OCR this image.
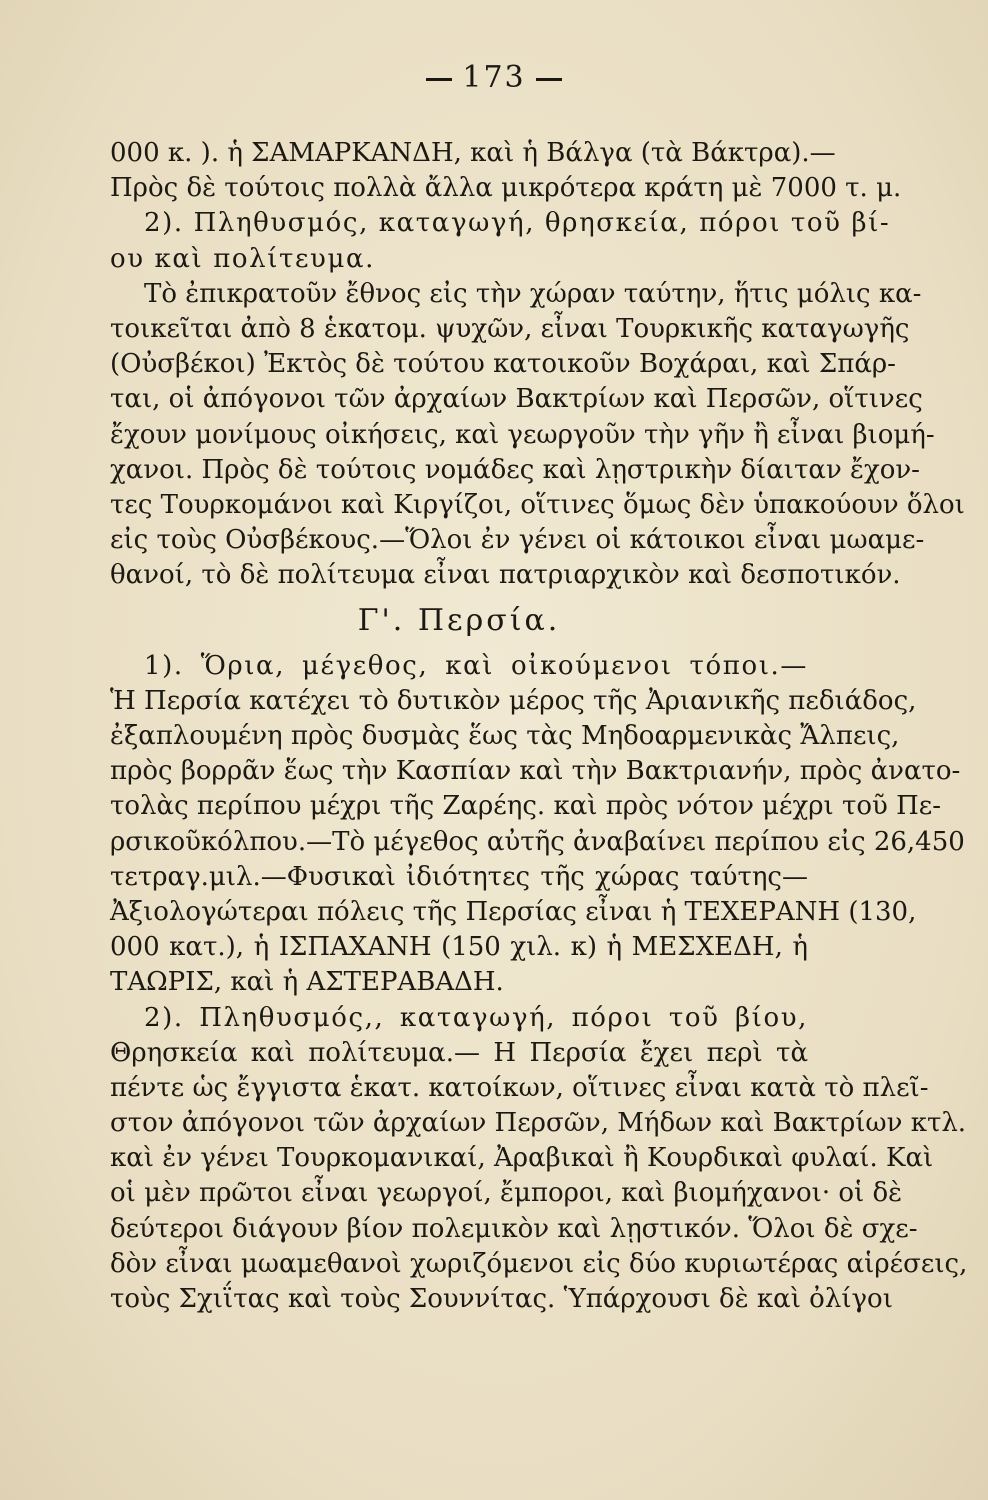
173
000 κ. ). ἡ ΣΑΜΑΡΚΑΝΔΗ, καὶ ἡ Βάλγα (τὰ Βάκτρα).—
Πρὸς δὲ τούτοις πολλὰ ἄλλα μικρότερα κράτη μὲ 7000 τ. μ.
2). Πληθυσμός, καταγωγή, θρησκεία, πόροι τοῦ βί-
ου καὶ πολίτευμα.
Τὸ ἐπικρατοῦν ἔθνος εἰς τὴν χώραν ταύτην, ἥτις μόλις κα-
τοικεῖται ἀπὸ 8 ἑκατομ. ψυχῶν, εἶναι Τουρκικῆς καταγωγῆς
(Οὐσβέκοι) Ἐκτὸς δὲ τούτου κατοικοῦν Βοχάραι, καὶ Σπάρ-
ται, οἱ ἀπόγονοι τῶν ἀρχαίων Βακτρίων καὶ Περσῶν, οἵτινες
ἔχουν μονίμους οἰκήσεις, καὶ γεωργοῦν τὴν γῆν ἢ εἶναι βιομή-
χανοι. Πρὸς δὲ τούτοις νομάδες καὶ λῃστρικὴν δίαιταν ἔχον-
τες Τουρκομάνοι καὶ Κιργίζοι, οἵτινες ὅμως δὲν ὑπακούουν ὅλοι
εἰς τοὺς Οὐσβέκους.—Ὅλοι ἐν γένει οἱ κάτοικοι εἶναι μωαμε-
θανοί, τὸ δὲ πολίτευμα εἶναι πατριαρχικὸν καὶ δεσποτικόν.
Γ'. Περσία.
1). Ὅρια, μέγεθος, καὶ οἰκούμενοι τόποι.—
Ἡ Περσία κατέχει τὸ δυτικὸν μέρος τῆς Ἀριανικῆς πεδιάδος,
ἐξαπλουμένη πρὸς δυσμὰς ἕως τὰς Μηδοαρμενικὰς Ἄλπεις,
πρὸς βορρᾶν ἕως τὴν Κασπίαν καὶ τὴν Βακτριανήν, πρὸς ἀνατο-
τολὰς περίπου μέχρι τῆς Ζαρέης. καὶ πρὸς νότον μέχρι τοῦ Πε-
ρσικοῦκόλπου.—Τὸ μέγεθος αὐτῆς ἀναβαίνει περίπου εἰς 26,450
τετραγ.μιλ.—Φυσικαὶ ἰδιότητες τῆς χώρας ταύτης—
Ἀξιολογώτεραι πόλεις τῆς Περσίας εἶναι ἡ ΤΕΧΕΡΑΝΗ (130,
000 κατ.), ἡ ΙΣΠΑΧΑΝΗ (150 χιλ. κ) ἡ ΜΕΣΧΕΔΗ, ἡ
ΤΑΩΡΙΣ, καὶ ἡ ΑΣΤΕΡΑΒΑΔΗ.
2). Πληθυσμός,, καταγωγή, πόροι τοῦ βίου,
Θρησκεία καὶ πολίτευμα.— Η Περσία ἔχει περὶ τὰ
πέντε ὡς ἔγγιστα ἑκατ. κατοίκων, οἵτινες εἶναι κατὰ τὸ πλεῖ-
στον ἀπόγονοι τῶν ἀρχαίων Περσῶν, Μήδων καὶ Βακτρίων κτλ.
καὶ ἐν γένει Τουρκομανικαί, Ἀραβικαὶ ἢ Κουρδικαὶ φυλαί. Καὶ
οἱ μὲν πρῶτοι εἶναι γεωργοί, ἔμποροι, καὶ βιομήχανοι· οἱ δὲ
δεύτεροι διάγουν βίον πολεμικὸν καὶ λῃστικόν. Ὅλοι δὲ σχε-
δὸν εἶναι μωαμεθανοὶ χωριζόμενοι εἰς δύο κυριωτέρας αἱρέσεις,
τοὺς Σχιΐτας καὶ τοὺς Σουννίτας. Ὑπάρχουσι δὲ καὶ ὀλίγοι
